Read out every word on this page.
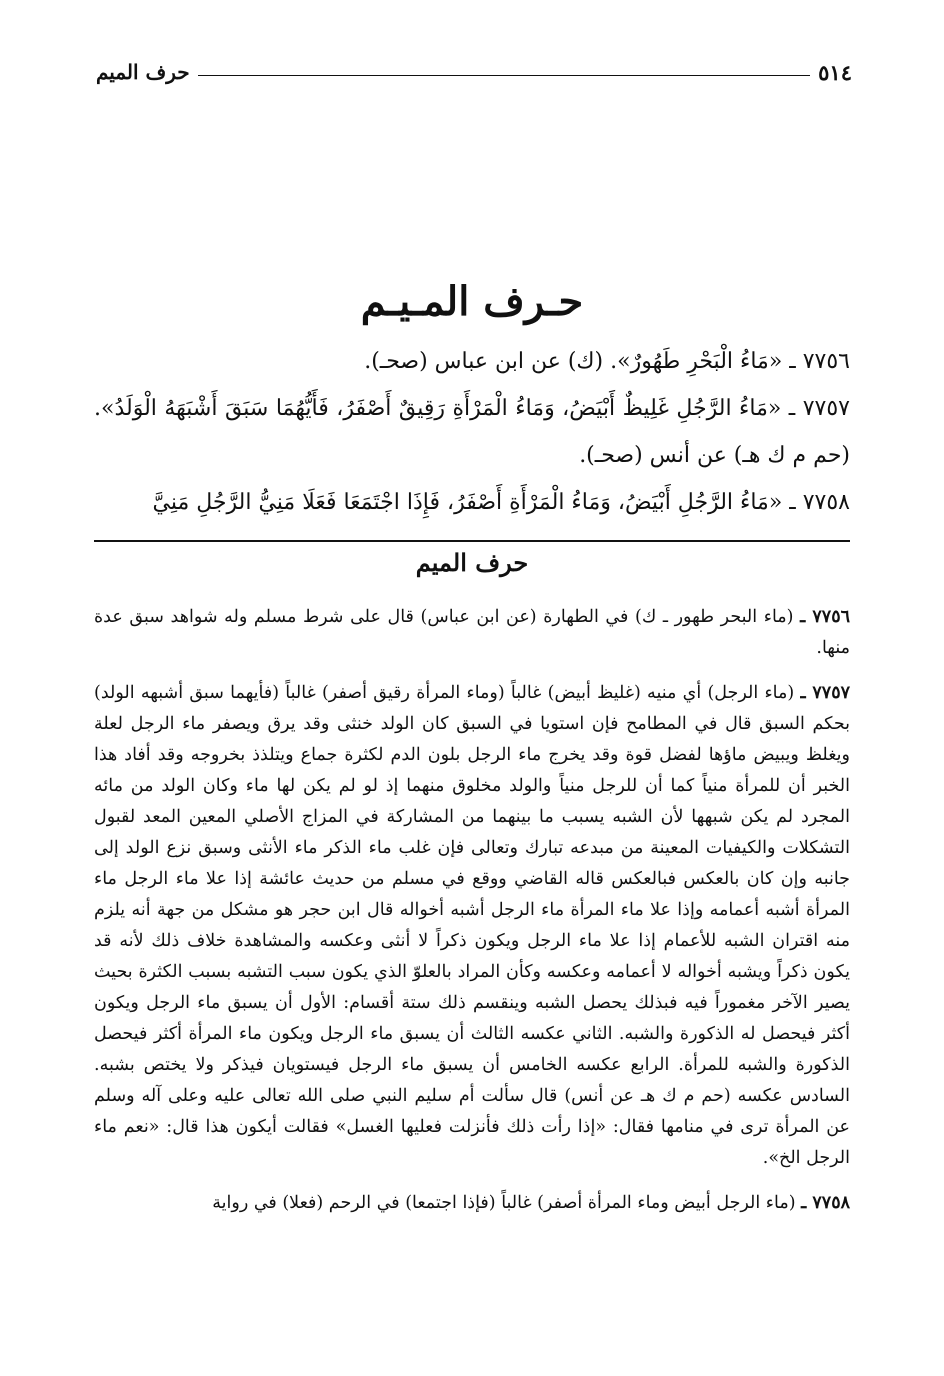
٥١٤
حرف الميم
حـرف المـيـم

٧٧٥٦ ـ «مَاءُ الْبَحْرِ طَهُورٌ». (ك) عن ابن عباس (صحـ).

٧٧٥٧ ـ «مَاءُ الرَّجُلِ غَلِيظٌ أَبْيَضُ، وَمَاءُ الْمَرْأَةِ رَقِيقٌ أَصْفَرُ، فَأَيُّهُمَا سَبَقَ أَشْبَهَهُ الْوَلَدُ». (حم م ك هـ) عن أنس (صحـ).

٧٧٥٨ ـ «مَاءُ الرَّجُلِ أَبْيَضُ، وَمَاءُ الْمَرْأَةِ أَصْفَرُ، فَإِذَا اجْتَمَعَا فَعَلَا مَنِيُّ الرَّجُلِ مَنِيَّ

حرف الميم

٧٧٥٦ ـ (ماء البحر طهور ـ ك) في الطهارة (عن ابن عباس) قال على شرط مسلم وله شواهد سبق عدة منها.

٧٧٥٧ ـ (ماء الرجل) أي منيه (غليظ أبيض) غالباً (وماء المرأة رقيق أصفر) غالباً (فأيهما سبق أشبهه الولد) بحكم السبق قال في المطامح فإن استويا في السبق كان الولد خنثى وقد يرق ويصفر ماء الرجل لعلة ويغلظ ويبيض ماؤها لفضل قوة وقد يخرج ماء الرجل بلون الدم لكثرة جماع ويتلذذ بخروجه وقد أفاد هذا الخبر أن للمرأة منياً كما أن للرجل منياً والولد مخلوق منهما إذ لو لم يكن لها ماء وكان الولد من مائه المجرد لم يكن شبهها لأن الشبه يسبب ما بينهما من المشاركة في المزاج الأصلي المعين المعد لقبول التشكلات والكيفيات المعينة من مبدعه تبارك وتعالى فإن غلب ماء الذكر ماء الأنثى وسبق نزع الولد إلى جانبه وإن كان بالعكس فبالعكس قاله القاضي ووقع في مسلم من حديث عائشة إذا علا ماء الرجل ماء المرأة أشبه أعمامه وإذا علا ماء المرأة ماء الرجل أشبه أخواله قال ابن حجر هو مشكل من جهة أنه يلزم منه اقتران الشبه للأعمام إذا علا ماء الرجل ويكون ذكراً لا أنثى وعكسه والمشاهدة خلاف ذلك لأنه قد يكون ذكراً ويشبه أخواله لا أعمامه وعكسه وكأن المراد بالعلوّ الذي يكون سبب التشبه بسبب الكثرة بحيث يصير الآخر مغموراً فيه فبذلك يحصل الشبه وينقسم ذلك ستة أقسام: الأول أن يسبق ماء الرجل ويكون أكثر فيحصل له الذكورة والشبه. الثاني عكسه الثالث أن يسبق ماء الرجل ويكون ماء المرأة أكثر فيحصل الذكورة والشبه للمرأة. الرابع عكسه الخامس أن يسبق ماء الرجل فيستويان فيذكر ولا يختص بشبه. السادس عكسه (حم م ك هـ عن أنس) قال سألت أم سليم النبي صلى الله تعالى عليه وعلى آله وسلم عن المرأة ترى في منامها فقال: «إذا رأت ذلك فأنزلت فعليها الغسل» فقالت أيكون هذا قال: «نعم ماء الرجل الخ».

٧٧٥٨ ـ (ماء الرجل أبيض وماء المرأة أصفر) غالباً (فإذا اجتمعا) في الرحم (فعلا) في رواية
